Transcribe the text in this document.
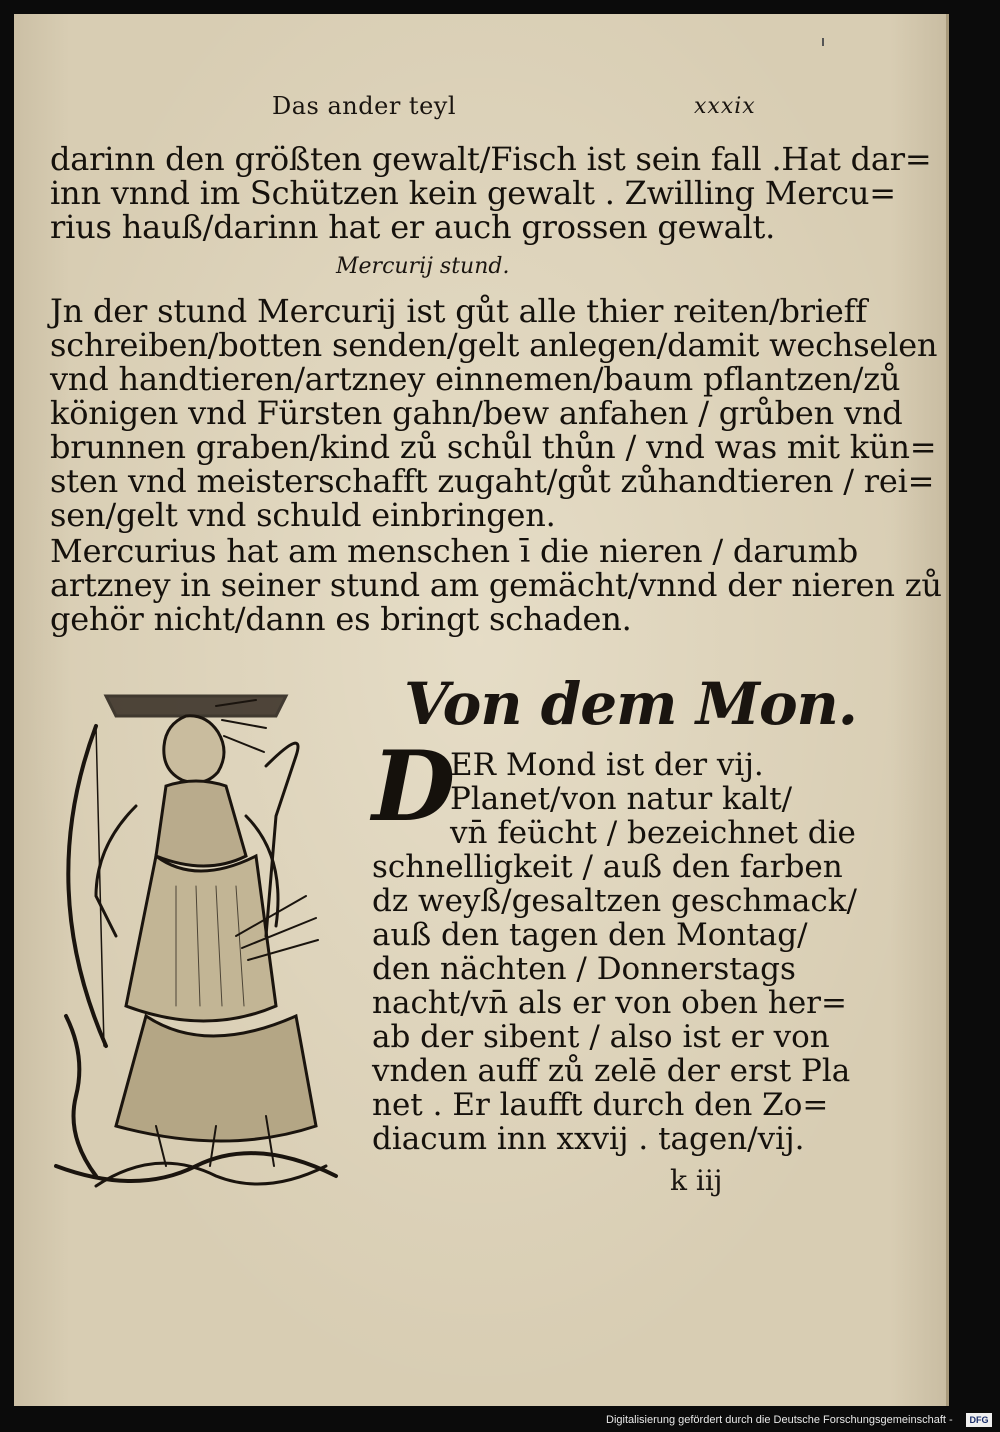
Das ander teyl	xxxix
darinn den größten gewalt/Fisch ist sein fall .Hat dar=
inn vnnd im Schützen kein gewalt . Zwilling Mercu=
rius hauß/darinn hat er auch grossen gewalt.
Mercurij stund.
Jn der stund Mercurij ist gůt alle thier reiten/brieff
schreiben/botten senden/gelt anlegen/damit wechselen
vnd handtieren/artzney einnemen/baum pflantzen/zů
königen vnd Fürsten gahn/bew anfahen / grůben vnd
brunnen graben/kind zů schůl thůn / vnd was mit kün=
sten vnd meisterschafft zugaht/gůt zůhandtieren / rei=
sen/gelt vnd schuld einbringen.
Mercurius hat am menschen ī die nieren / darumb
artzney in seiner stund am gemächt/vnnd der nieren zů
gehör nicht/dann es bringt schaden.
Von dem Mon.
D
ER Mond ist der vij.
Planet/von natur kalt/
vn̄ feücht / bezeichnet die
schnelligkeit / auß den farben
dz weyß/gesaltzen geschmack/
auß den tagen den Montag/
den nächten / Donnerstags
nacht/vn̄ als er von oben her=
ab der sibent / also ist er von
vnden auff zů zelē der erst Pla
net . Er laufft durch den Zo=
diacum inn xxvij . tagen/vij.
k iij
Digitalisierung gefördert durch die Deutsche Forschungsgemeinschaft -	DFG
